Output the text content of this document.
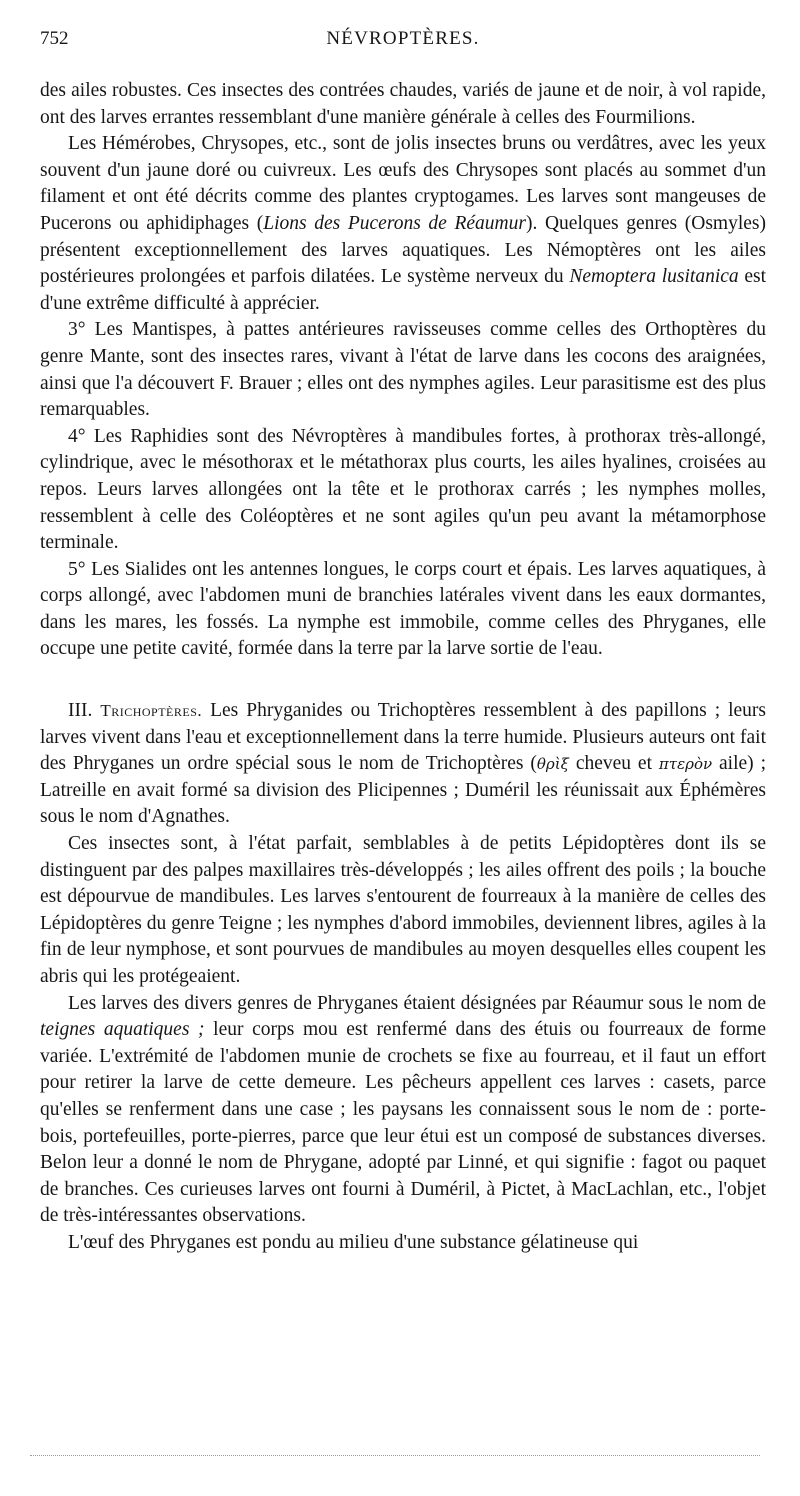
752	NÉVROPTÈRES.

des ailes robustes. Ces insectes des contrées chaudes, variés de jaune et de noir, à vol rapide, ont des larves errantes ressemblant d'une manière générale à celles des Fourmilions.

Les Hémérobes, Chrysopes, etc., sont de jolis insectes bruns ou verdâtres, avec les yeux souvent d'un jaune doré ou cuivreux. Les œufs des Chrysopes sont placés au sommet d'un filament et ont été décrits comme des plantes cryptogames. Les larves sont mangeuses de Pucerons ou aphidiphages (Lions des Pucerons de Réaumur). Quelques genres (Osmyles) présentent exceptionnellement des larves aquatiques. Les Némoptères ont les ailes postérieures prolongées et parfois dilatées. Le système nerveux du Nemoptera lusitanica est d'une extrême difficulté à apprécier.

3° Les Mantispes, à pattes antérieures ravisseuses comme celles des Orthoptères du genre Mante, sont des insectes rares, vivant à l'état de larve dans les cocons des araignées, ainsi que l'a découvert F. Brauer ; elles ont des nymphes agiles. Leur parasitisme est des plus remarquables.

4° Les Raphidies sont des Névroptères à mandibules fortes, à prothorax très-allongé, cylindrique, avec le mésothorax et le métathorax plus courts, les ailes hyalines, croisées au repos. Leurs larves allongées ont la tête et le prothorax carrés ; les nymphes molles, ressemblent à celle des Coléoptères et ne sont agiles qu'un peu avant la métamorphose terminale.

5° Les Sialides ont les antennes longues, le corps court et épais. Les larves aquatiques, à corps allongé, avec l'abdomen muni de branchies latérales vivent dans les eaux dormantes, dans les mares, les fossés. La nymphe est immobile, comme celles des Phryganes, elle occupe une petite cavité, formée dans la terre par la larve sortie de l'eau.

III. Trichoptères. Les Phryganides ou Trichoptères ressemblent à des papillons ; leurs larves vivent dans l'eau et exceptionnellement dans la terre humide. Plusieurs auteurs ont fait des Phryganes un ordre spécial sous le nom de Trichoptères (θρὶξ cheveu et πτερὸν aile) ; Latreille en avait formé sa division des Plicipennes ; Duméril les réunissait aux Éphémères sous le nom d'Agnathes.

Ces insectes sont, à l'état parfait, semblables à de petits Lépidoptères dont ils se distinguent par des palpes maxillaires très-développés ; les ailes offrent des poils ; la bouche est dépourvue de mandibules. Les larves s'entourent de fourreaux à la manière de celles des Lépidoptères du genre Teigne ; les nymphes d'abord immobiles, deviennent libres, agiles à la fin de leur nymphose, et sont pourvues de mandibules au moyen desquelles elles coupent les abris qui les protégeaient.

Les larves des divers genres de Phryganes étaient désignées par Réaumur sous le nom de teignes aquatiques ; leur corps mou est renfermé dans des étuis ou fourreaux de forme variée. L'extrémité de l'abdomen munie de crochets se fixe au fourreau, et il faut un effort pour retirer la larve de cette demeure. Les pêcheurs appellent ces larves : casets, parce qu'elles se renferment dans une case ; les paysans les connaissent sous le nom de : porte-bois, portefeuilles, porte-pierres, parce que leur étui est un composé de substances diverses. Belon leur a donné le nom de Phrygane, adopté par Linné, et qui signifie : fagot ou paquet de branches. Ces curieuses larves ont fourni à Duméril, à Pictet, à MacLachlan, etc., l'objet de très-intéressantes observations.

L'œuf des Phryganes est pondu au milieu d'une substance gélatineuse qui
